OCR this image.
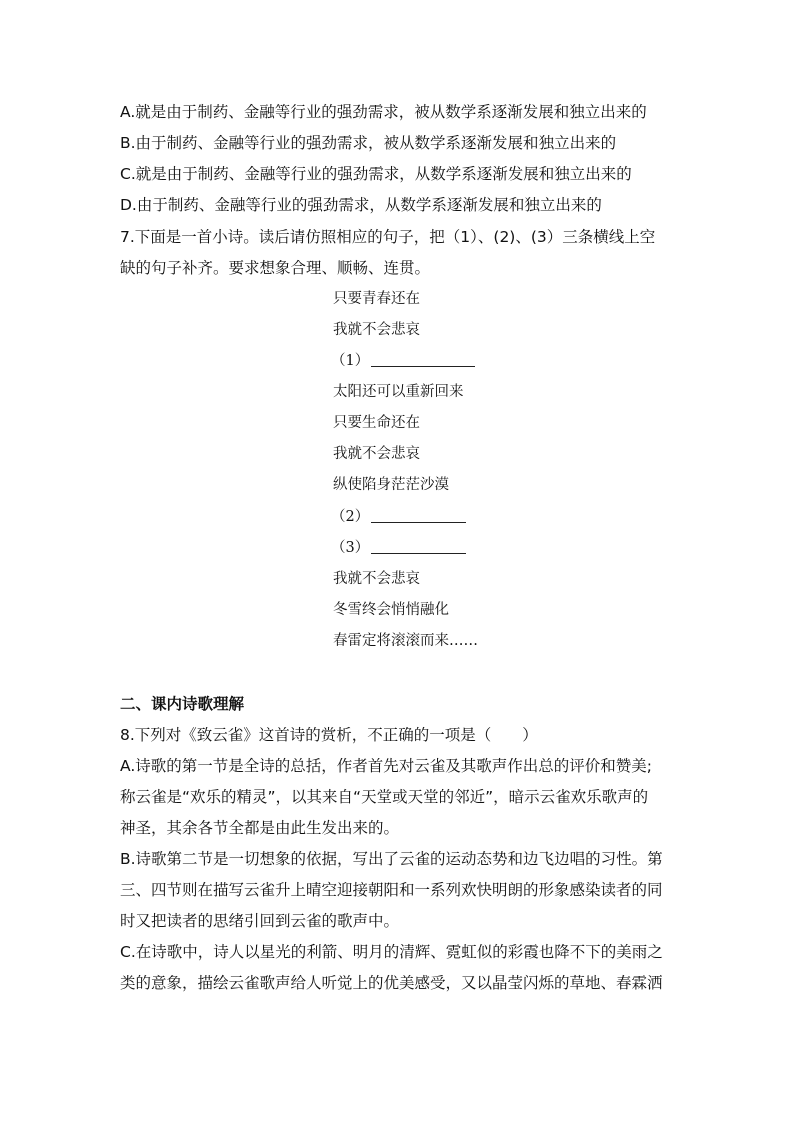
A.就是由于制药、金融等行业的强劲需求，被从数学系逐渐发展和独立出来的
B.由于制药、金融等行业的强劲需求，被从数学系逐渐发展和独立出来的
C.就是由于制药、金融等行业的强劲需求，从数学系逐渐发展和独立出来的
D.由于制药、金融等行业的强劲需求，从数学系逐渐发展和独立出来的
7.下面是一首小诗。读后请仿照相应的句子，把（1）、(2)、(3）三条横线上空
缺的句子补齐。要求想象合理、顺畅、连贯。
只要青春还在
我就不会悲哀
（1）
太阳还可以重新回来
只要生命还在
我就不会悲哀
纵使陷身茫茫沙漠
（2）
（3）
我就不会悲哀
冬雪终会悄悄融化
春雷定将滚滚而来……
二、课内诗歌理解
8.下列对《致云雀》这首诗的赏析，不正确的一项是（　　）
A.诗歌的第一节是全诗的总括，作者首先对云雀及其歌声作出总的评价和赞美;
称云雀是“欢乐的精灵”，以其来自“天堂或天堂的邻近”，暗示云雀欢乐歌声的
神圣，其余各节全都是由此生发出来的。
B.诗歌第二节是一切想象的依据，写出了云雀的运动态势和边飞边唱的习性。第
三、四节则在描写云雀升上晴空迎接朝阳和一系列欢快明朗的形象感染读者的同
时又把读者的思绪引回到云雀的歌声中。
C.在诗歌中，诗人以星光的利箭、明月的清辉、霓虹似的彩霞也降不下的美雨之
类的意象，描绘云雀歌声给人听觉上的优美感受，又以晶莹闪烁的草地、春霖洒
